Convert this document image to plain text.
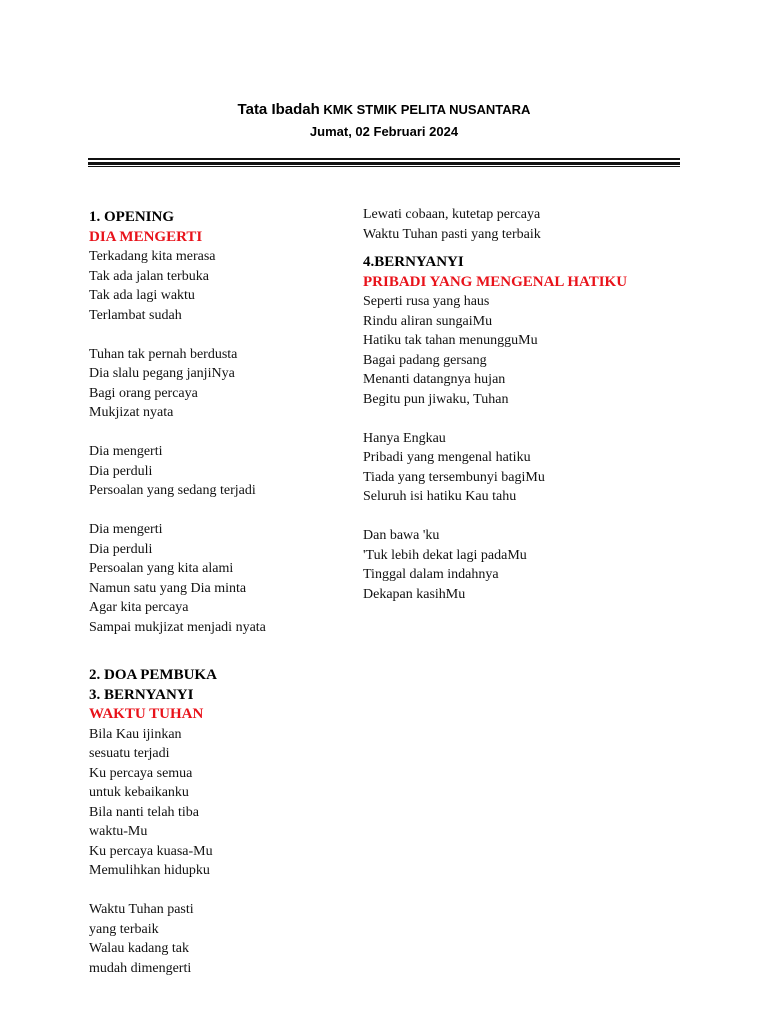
Tata Ibadah KMK STMIK PELITA NUSANTARA
Jumat, 02 Februari 2024
1. OPENING
DIA MENGERTI
Terkadang kita merasa
Tak ada jalan terbuka
Tak ada lagi waktu
Terlambat sudah
Tuhan tak pernah berdusta
Dia slalu pegang janjiNya
Bagi orang percaya
Mukjizat nyata
Dia mengerti
Dia perduli
Persoalan yang sedang terjadi
Dia mengerti
Dia perduli
Persoalan yang kita alami
Namun satu yang Dia minta
Agar kita percaya
Sampai mukjizat menjadi nyata
2. DOA PEMBUKA
3. BERNYANYI
WAKTU TUHAN
Bila Kau ijinkan
sesuatu terjadi
Ku percaya semua
untuk kebaikanku
Bila nanti telah tiba
waktu-Mu
Ku percaya kuasa-Mu
Memulihkan hidupku
Waktu Tuhan pasti
yang terbaik
Walau kadang tak
mudah dimengerti
Lewati cobaan, kutetap percaya
Waktu Tuhan pasti yang terbaik
4.BERNYANYI
PRIBADI YANG MENGENAL HATIKU
Seperti rusa yang haus
Rindu aliran sungaiMu
Hatiku tak tahan menungguMu
Bagai padang gersang
Menanti datangnya hujan
Begitu pun jiwaku, Tuhan
Hanya Engkau
Pribadi yang mengenal hatiku
Tiada yang tersembunyi bagiMu
Seluruh isi hatiku Kau tahu
Dan bawa 'ku
'Tuk lebih dekat lagi padaMu
Tinggal dalam indahnya
Dekapan kasihMu
